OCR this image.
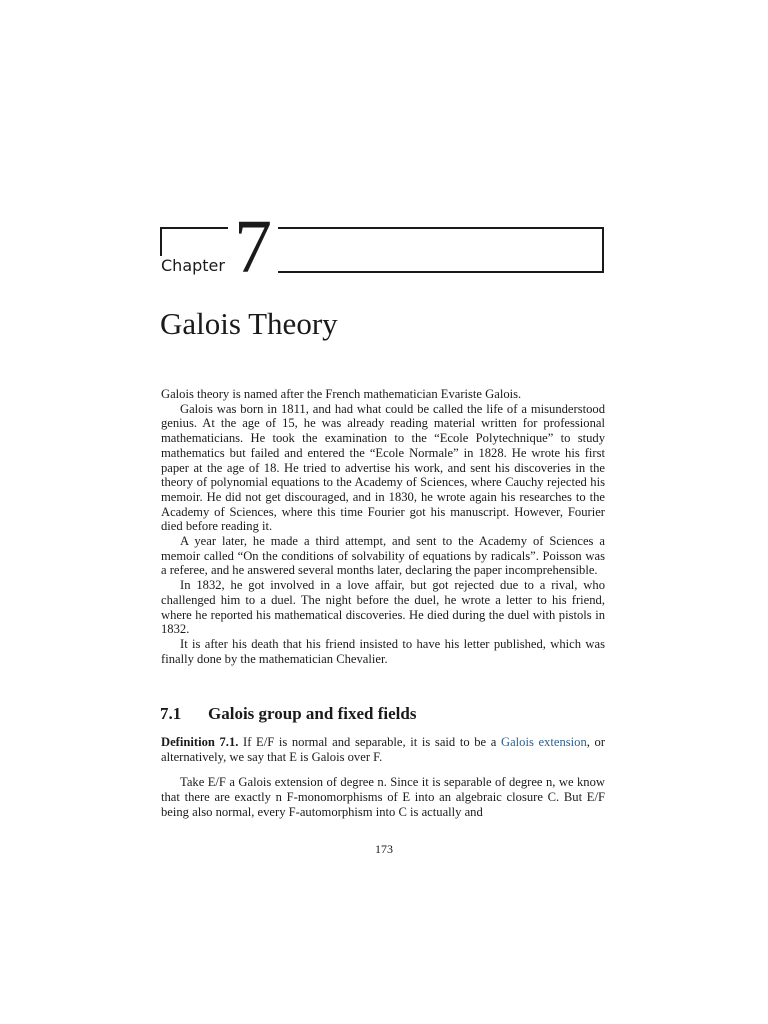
Chapter 7
Galois Theory

Galois theory is named after the French mathematician Evariste Galois.

Galois was born in 1811, and had what could be called the life of a misunderstood genius. At the age of 15, he was already reading material written for professional mathematicians. He took the examination to the “Ecole Polytechnique” to study mathematics but failed and entered the “Ecole Normale” in 1828. He wrote his first paper at the age of 18. He tried to advertise his work, and sent his discoveries in the theory of polynomial equations to the Academy of Sciences, where Cauchy rejected his memoir. He did not get discouraged, and in 1830, he wrote again his researches to the Academy of Sciences, where this time Fourier got his manuscript. However, Fourier died before reading it.

A year later, he made a third attempt, and sent to the Academy of Sciences a memoir called “On the conditions of solvability of equations by radicals”. Poisson was a referee, and he answered several months later, declaring the paper incomprehensible.

In 1832, he got involved in a love affair, but got rejected due to a rival, who challenged him to a duel. The night before the duel, he wrote a letter to his friend, where he reported his mathematical discoveries. He died during the duel with pistols in 1832.

It is after his death that his friend insisted to have his letter published, which was finally done by the mathematician Chevalier.

7.1 Galois group and fixed fields
Definition 7.1. If E/F is normal and separable, it is said to be a Galois extension, or alternatively, we say that E is Galois over F.
Take E/F a Galois extension of degree n. Since it is separable of degree n, we know that there are exactly n F-monomorphisms of E into an algebraic closure C. But E/F being also normal, every F-automorphism into C is actually and
173
